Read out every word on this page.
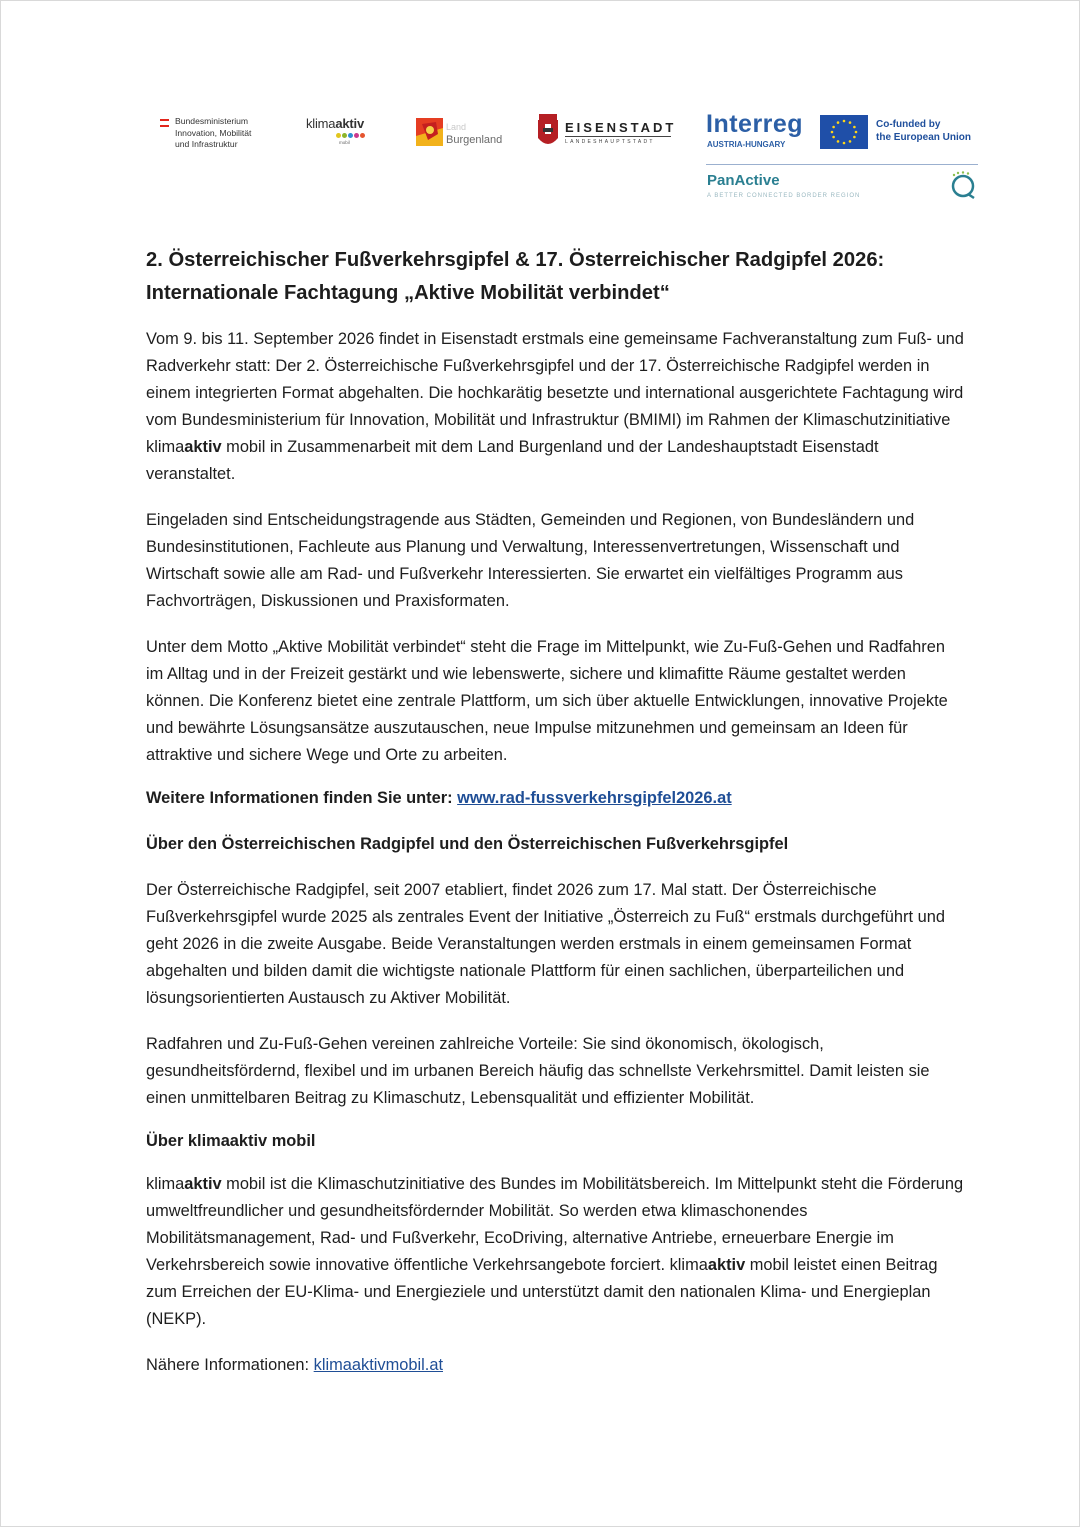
Bundesministerium
Innovation, Mobilität
und Infrastruktur
klimaaktiv
mobil
Land
Burgenland
EISENSTADT
LANDESHAUPTSTADT
Interreg
AUSTRIA-HUNGARY
Co-funded by
the European Union
PanActive
A BETTER CONNECTED BORDER REGION
2. Österreichischer Fußverkehrsgipfel & 17. Österreichischer Radgipfel 2026:
Internationale Fachtagung „Aktive Mobilität verbindet“

Vom 9. bis 11. September 2026 findet in Eisenstadt erstmals eine gemeinsame Fachveranstaltung zum Fuß- und Radverkehr statt: Der 2. Österreichische Fußverkehrsgipfel und der 17. Österreichische Radgipfel werden in einem integrierten Format abgehalten. Die hochkarätig besetzte und international ausgerichtete Fachtagung wird vom Bundesministerium für Innovation, Mobilität und Infrastruktur (BMIMI) im Rahmen der Klimaschutzinitiative klimaaktiv mobil in Zusammenarbeit mit dem Land Burgenland und der Landeshauptstadt Eisenstadt veranstaltet.

Eingeladen sind Entscheidungstragende aus Städten, Gemeinden und Regionen, von Bundesländern und Bundesinstitutionen, Fachleute aus Planung und Verwaltung, Interessenvertretungen, Wissenschaft und Wirtschaft sowie alle am Rad- und Fußverkehr Interessierten. Sie erwartet ein vielfältiges Programm aus Fachvorträgen, Diskussionen und Praxisformaten.

Unter dem Motto „Aktive Mobilität verbindet“ steht die Frage im Mittelpunkt, wie Zu-Fuß-Gehen und Radfahren im Alltag und in der Freizeit gestärkt und wie lebenswerte, sichere und klimafitte Räume gestaltet werden können. Die Konferenz bietet eine zentrale Plattform, um sich über aktuelle Entwicklungen, innovative Projekte und bewährte Lösungsansätze auszutauschen, neue Impulse mitzunehmen und gemeinsam an Ideen für attraktive und sichere Wege und Orte zu arbeiten.

Weitere Informationen finden Sie unter: www.rad-fussverkehrsgipfel2026.at

Über den Österreichischen Radgipfel und den Österreichischen Fußverkehrsgipfel

Der Österreichische Radgipfel, seit 2007 etabliert, findet 2026 zum 17. Mal statt. Der Österreichische Fußverkehrsgipfel wurde 2025 als zentrales Event der Initiative „Österreich zu Fuß“ erstmals durchgeführt und geht 2026 in die zweite Ausgabe. Beide Veranstaltungen werden erstmals in einem gemeinsamen Format abgehalten und bilden damit die wichtigste nationale Plattform für einen sachlichen, überparteilichen und lösungsorientierten Austausch zu Aktiver Mobilität.

Radfahren und Zu-Fuß-Gehen vereinen zahlreiche Vorteile: Sie sind ökonomisch, ökologisch, gesundheitsfördernd, flexibel und im urbanen Bereich häufig das schnellste Verkehrsmittel. Damit leisten sie einen unmittelbaren Beitrag zu Klimaschutz, Lebensqualität und effizienter Mobilität.

Über klimaaktiv mobil

klimaaktiv mobil ist die Klimaschutzinitiative des Bundes im Mobilitätsbereich. Im Mittelpunkt steht die Förderung umweltfreundlicher und gesundheitsfördernder Mobilität. So werden etwa klimaschonendes Mobilitätsmanagement, Rad- und Fußverkehr, EcoDriving, alternative Antriebe, erneuerbare Energie im Verkehrsbereich sowie innovative öffentliche Verkehrsangebote forciert. klimaaktiv mobil leistet einen Beitrag zum Erreichen der EU-Klima- und Energieziele und unterstützt damit den nationalen Klima- und Energieplan (NEKP).

Nähere Informationen: klimaaktivmobil.at
